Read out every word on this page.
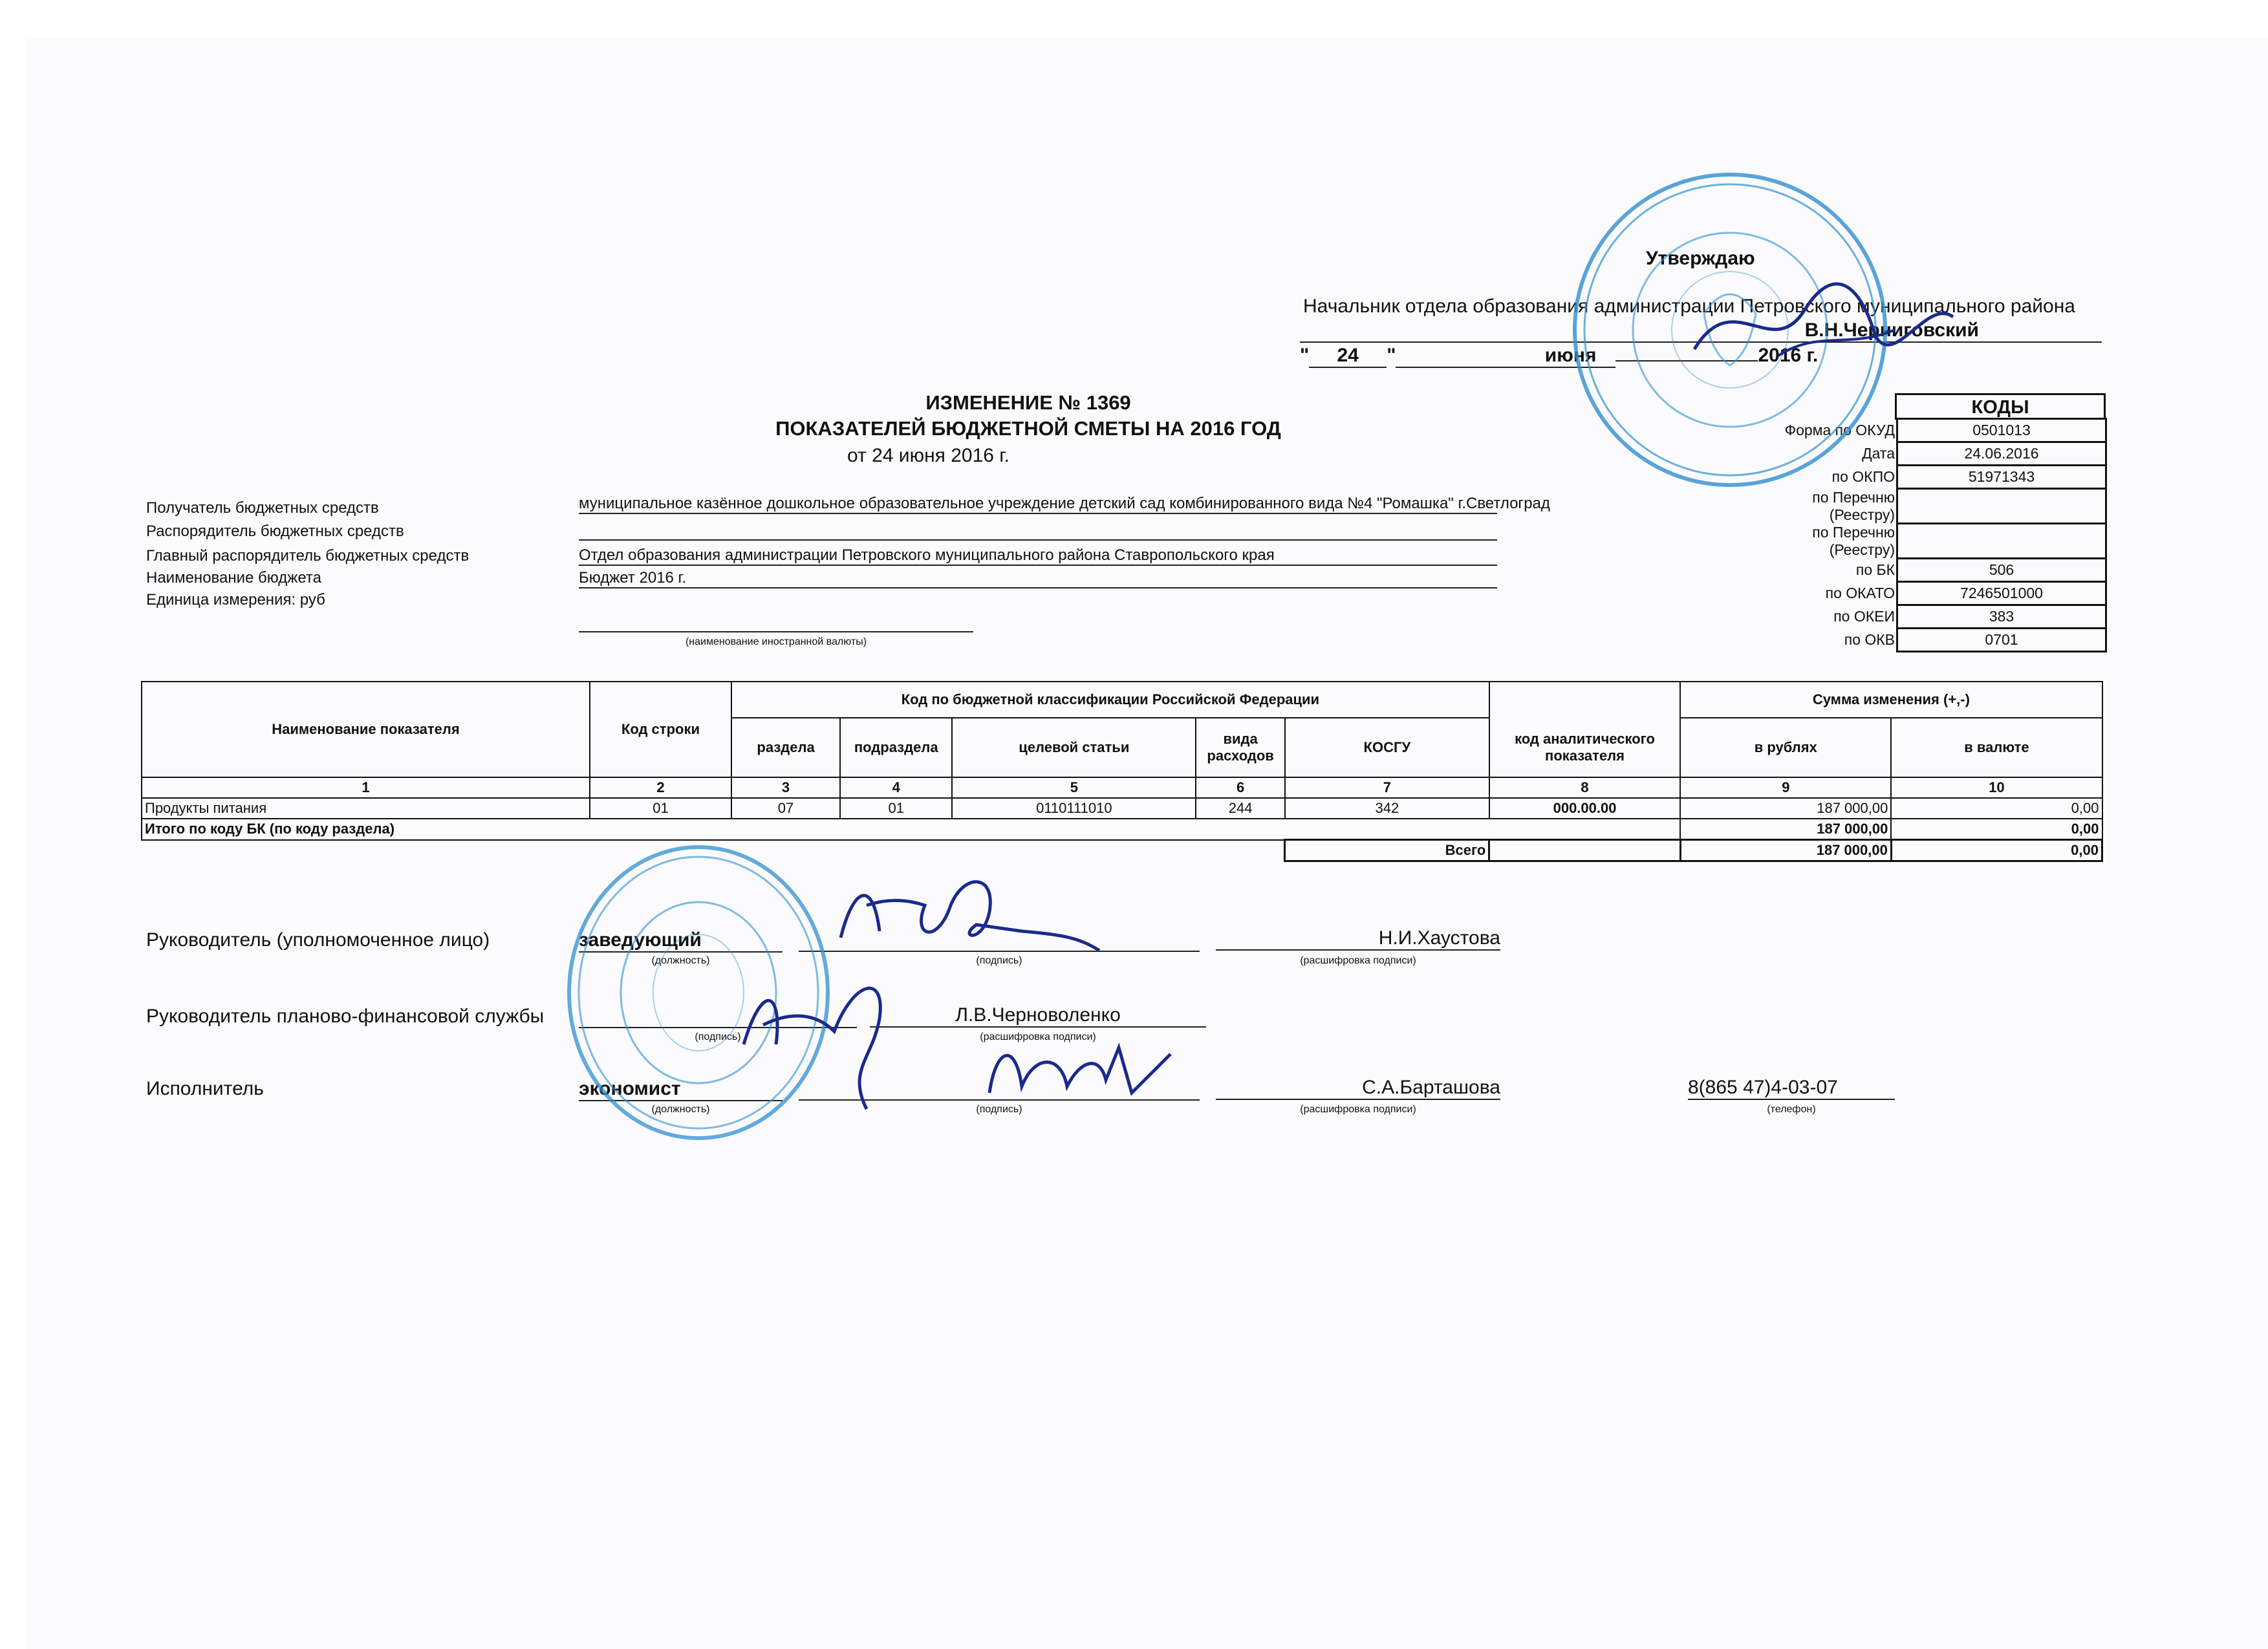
Утверждаю
Начальник отдела образования администрации Петровского муниципального района
В.Н.Черниговский
" 24 "	июня	2016 г.
ИЗМЕНЕНИЕ № 1369
ПОКАЗАТЕЛЕЙ БЮДЖЕТНОЙ СМЕТЫ НА 2016 ГОД
от 24 июня 2016 г.
КОДЫ
Форма по ОКУД	0501013
Дата	24.06.2016
по ОКПО	51971343
по Перечню (Реестру)	
по Перечню (Реестру)	
по БК	506
по ОКАТО	7246501000
по ОКЕИ	383
по ОКВ	0701
Получатель бюджетных средств
Распорядитель бюджетных средств
Главный распорядитель бюджетных средств
Наименование бюджета
Единица измерения: руб
муниципальное казённое дошкольное образовательное учреждение детский сад комбинированного вида №4 "Ромашка" г.Светлоград
Отдел образования администрации Петровского муниципального района Ставропольского края
Бюджет 2016 г.
(наименование иностранной валюты)
Наименование показателя	Код строки	Код по бюджетной классификации Российской Федерации						Сумма изменения (+,-)	
		раздела	подраздела	целевой статьи	вида расходов	КОСГУ	код аналитического показателя	в рублях	в валюте
1	2	3	4	5	6	7	8	9	10
Продукты питания	01	07	01	0110111010	244	342	000.00.00	187 000,00	0,00
Итого по коду БК (по коду раздела)								187 000,00	0,00
						Всего		187 000,00	0,00
Руководитель (уполномоченное лицо)	заведующий	Н.И.Хаустова
(должность)	(подпись)	(расшифровка подписи)
Руководитель планово-финансовой службы	Л.В.Черноволенко
(подпись)	(расшифровка подписи)
Исполнитель	экономист	С.А.Барташова	8(865 47)4-03-07
(должность)	(подпись)	(расшифровка подписи)	(телефон)
